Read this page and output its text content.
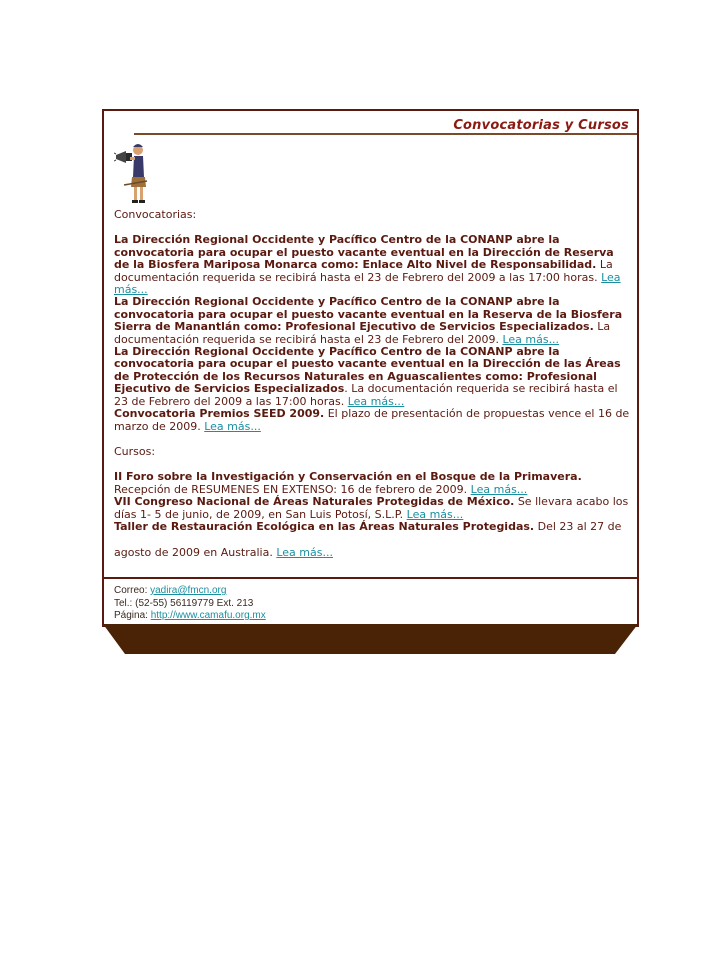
Convocatorias y Cursos
Convocatorias:

La Dirección Regional Occidente y Pacífico Centro de la CONANP abre la convocatoria para ocupar el puesto vacante eventual en la Dirección de Reserva de la Biosfera Mariposa Monarca como: Enlace Alto Nivel de Responsabilidad. La documentación requerida se recibirá hasta el 23 de Febrero del 2009 a las 17:00 horas. Lea más...

La Dirección Regional Occidente y Pacífico Centro de la CONANP abre la convocatoria para ocupar el puesto vacante eventual en la Reserva de la Biosfera Sierra de Manantlán como: Profesional Ejecutivo de Servicios Especializados. La documentación requerida se recibirá hasta el 23 de Febrero del 2009. Lea más...

La Dirección Regional Occidente y Pacífico Centro de la CONANP abre la convocatoria para ocupar el puesto vacante eventual en la Dirección de las Áreas de Protección de los Recursos Naturales en Aguascalientes como: Profesional Ejecutivo de Servicios Especializados. La documentación requerida se recibirá hasta el 23 de Febrero del 2009 a las 17:00 horas. Lea más...

Convocatoria Premios SEED 2009. El plazo de presentación de propuestas vence el 16 de marzo de 2009. Lea más...

Cursos:

II Foro sobre la Investigación y Conservación en el Bosque de la Primavera. Recepción de RESUMENES EN EXTENSO: 16 de febrero de 2009. Lea más...

VII Congreso Nacional de Áreas Naturales Protegidas de México. Se llevara acabo los días 1- 5 de junio, de 2009, en San Luis Potosí, S.L.P. Lea más...

Taller de Restauración Ecológica en las Áreas Naturales Protegidas. Del 23 al 27 de

agosto de 2009 en Australia. Lea más...

Correo: yadira@fmcn.org
Tel.: (52-55) 56119779 Ext. 213
Página: http://www.camafu.org.mx
